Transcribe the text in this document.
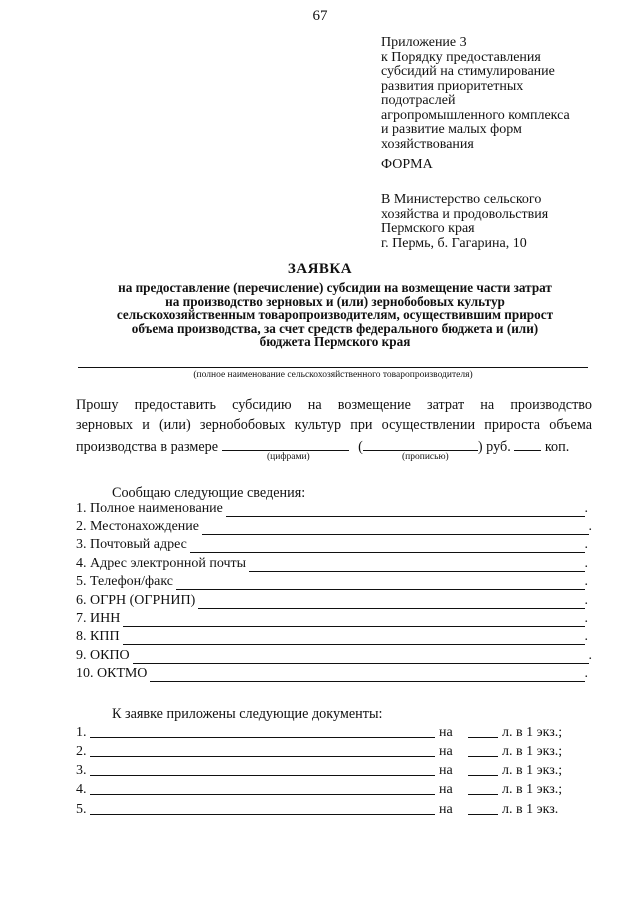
67
Приложение 3
к Порядку предоставления
субсидий на стимулирование
развития приоритетных
подотраслей
агропромышленного комплекса
и развитие малых форм
хозяйствования
ФОРМА
В Министерство сельского
хозяйства и продовольствия
Пермского края
г. Пермь, б. Гагарина, 10
ЗАЯВКА
на предоставление (перечисление) субсидии на возмещение части затрат на производство зерновых и (или) зернобобовых культур сельскохозяйственным товаропроизводителям, осуществившим прирост объема производства, за счет средств федерального бюджета и (или) бюджета Пермского края
(полное наименование сельскохозяйственного товаропроизводителя)
Прошу предоставить субсидию на возмещение затрат на производство
зерновых и (или) зернобобовых культур при осуществлении прироста объема
производства в размере	(	) руб. коп.
(цифрами)	(прописью)
Сообщаю следующие сведения:
1. Полное наименование	.
2. Местонахождение	.
3. Почтовый адрес	.
4. Адрес электронной почты	.
5. Телефон/факс	.
6. ОГРН (ОГРНИП)	.
7. ИНН	.
8. КПП	.
9. ОКПО	.
10. ОКТМО	.
К заявке приложены следующие документы:
1.	на	л. в 1 экз.;
2.	на	л. в 1 экз.;
3.	на	л. в 1 экз.;
4.	на	л. в 1 экз.;
5.	на	л. в 1 экз.
